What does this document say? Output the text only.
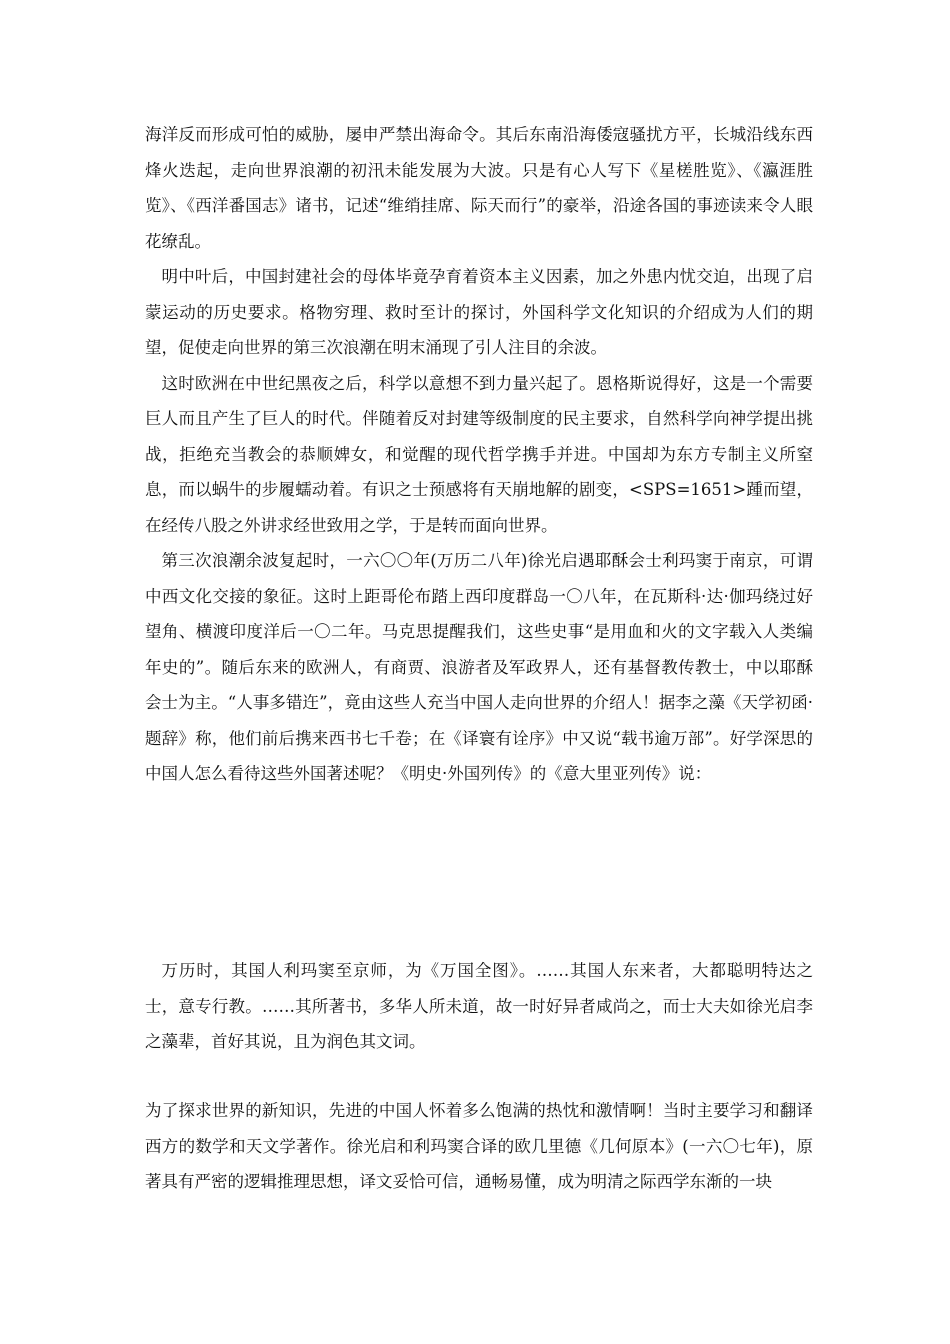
海洋反而形成可怕的威胁，屡申严禁出海命令。其后东南沿海倭寇骚扰方平，长城沿线东西烽火迭起，走向世界浪潮的初汛未能发展为大波。只是有心人写下《星槎胜览》、《瀛涯胜览》、《西洋番国志》诸书，记述“维绡挂席、际天而行”的豪举，沿途各国的事迹读来令人眼花缭乱。

明中叶后，中国封建社会的母体毕竟孕育着资本主义因素，加之外患内忧交迫，出现了启蒙运动的历史要求。格物穷理、救时至计的探讨，外国科学文化知识的介绍成为人们的期望，促使走向世界的第三次浪潮在明末涌现了引人注目的余波。

这时欧洲在中世纪黑夜之后，科学以意想不到力量兴起了。恩格斯说得好，这是一个需要巨人而且产生了巨人的时代。伴随着反对封建等级制度的民主要求，自然科学向神学提出挑战，拒绝充当教会的恭顺婢女，和觉醒的现代哲学携手并进。中国却为东方专制主义所窒息，而以蜗牛的步履蠕动着。有识之士预感将有天崩地解的剧变，<SPS=1651>踵而望，在经传八股之外讲求经世致用之学，于是转而面向世界。

第三次浪潮余波复起时，一六〇〇年(万历二八年)徐光启遇耶酥会士利玛窦于南京，可谓中西文化交接的象征。这时上距哥伦布踏上西印度群岛一〇八年，在瓦斯科·达·伽玛绕过好望角、横渡印度洋后一〇二年。马克思提醒我们，这些史事“是用血和火的文字载入人类编年史的”。随后东来的欧洲人，有商贾、浪游者及军政界人，还有基督教传教士，中以耶酥会士为主。“人事多错迕”，竟由这些人充当中国人走向世界的介绍人！据李之藻《天学初函·题辞》称，他们前后携来西书七千卷；在《译寰有诠序》中又说“载书逾万部”。好学深思的中国人怎么看待这些外国著述呢？《明史·外国列传》的《意大里亚列传》说：

万历时，其国人利玛窦至京师，为《万国全图》。……其国人东来者，大都聪明特达之士，意专行教。……其所著书，多华人所未道，故一时好异者咸尚之，而士大夫如徐光启李之藻辈，首好其说，且为润色其文词。

为了探求世界的新知识，先进的中国人怀着多么饱满的热忱和激情啊！当时主要学习和翻译西方的数学和天文学著作。徐光启和利玛窦合译的欧几里德《几何原本》(一六〇七年)，原著具有严密的逻辑推理思想，译文妥恰可信，通畅易懂，成为明清之际西学东渐的一块
